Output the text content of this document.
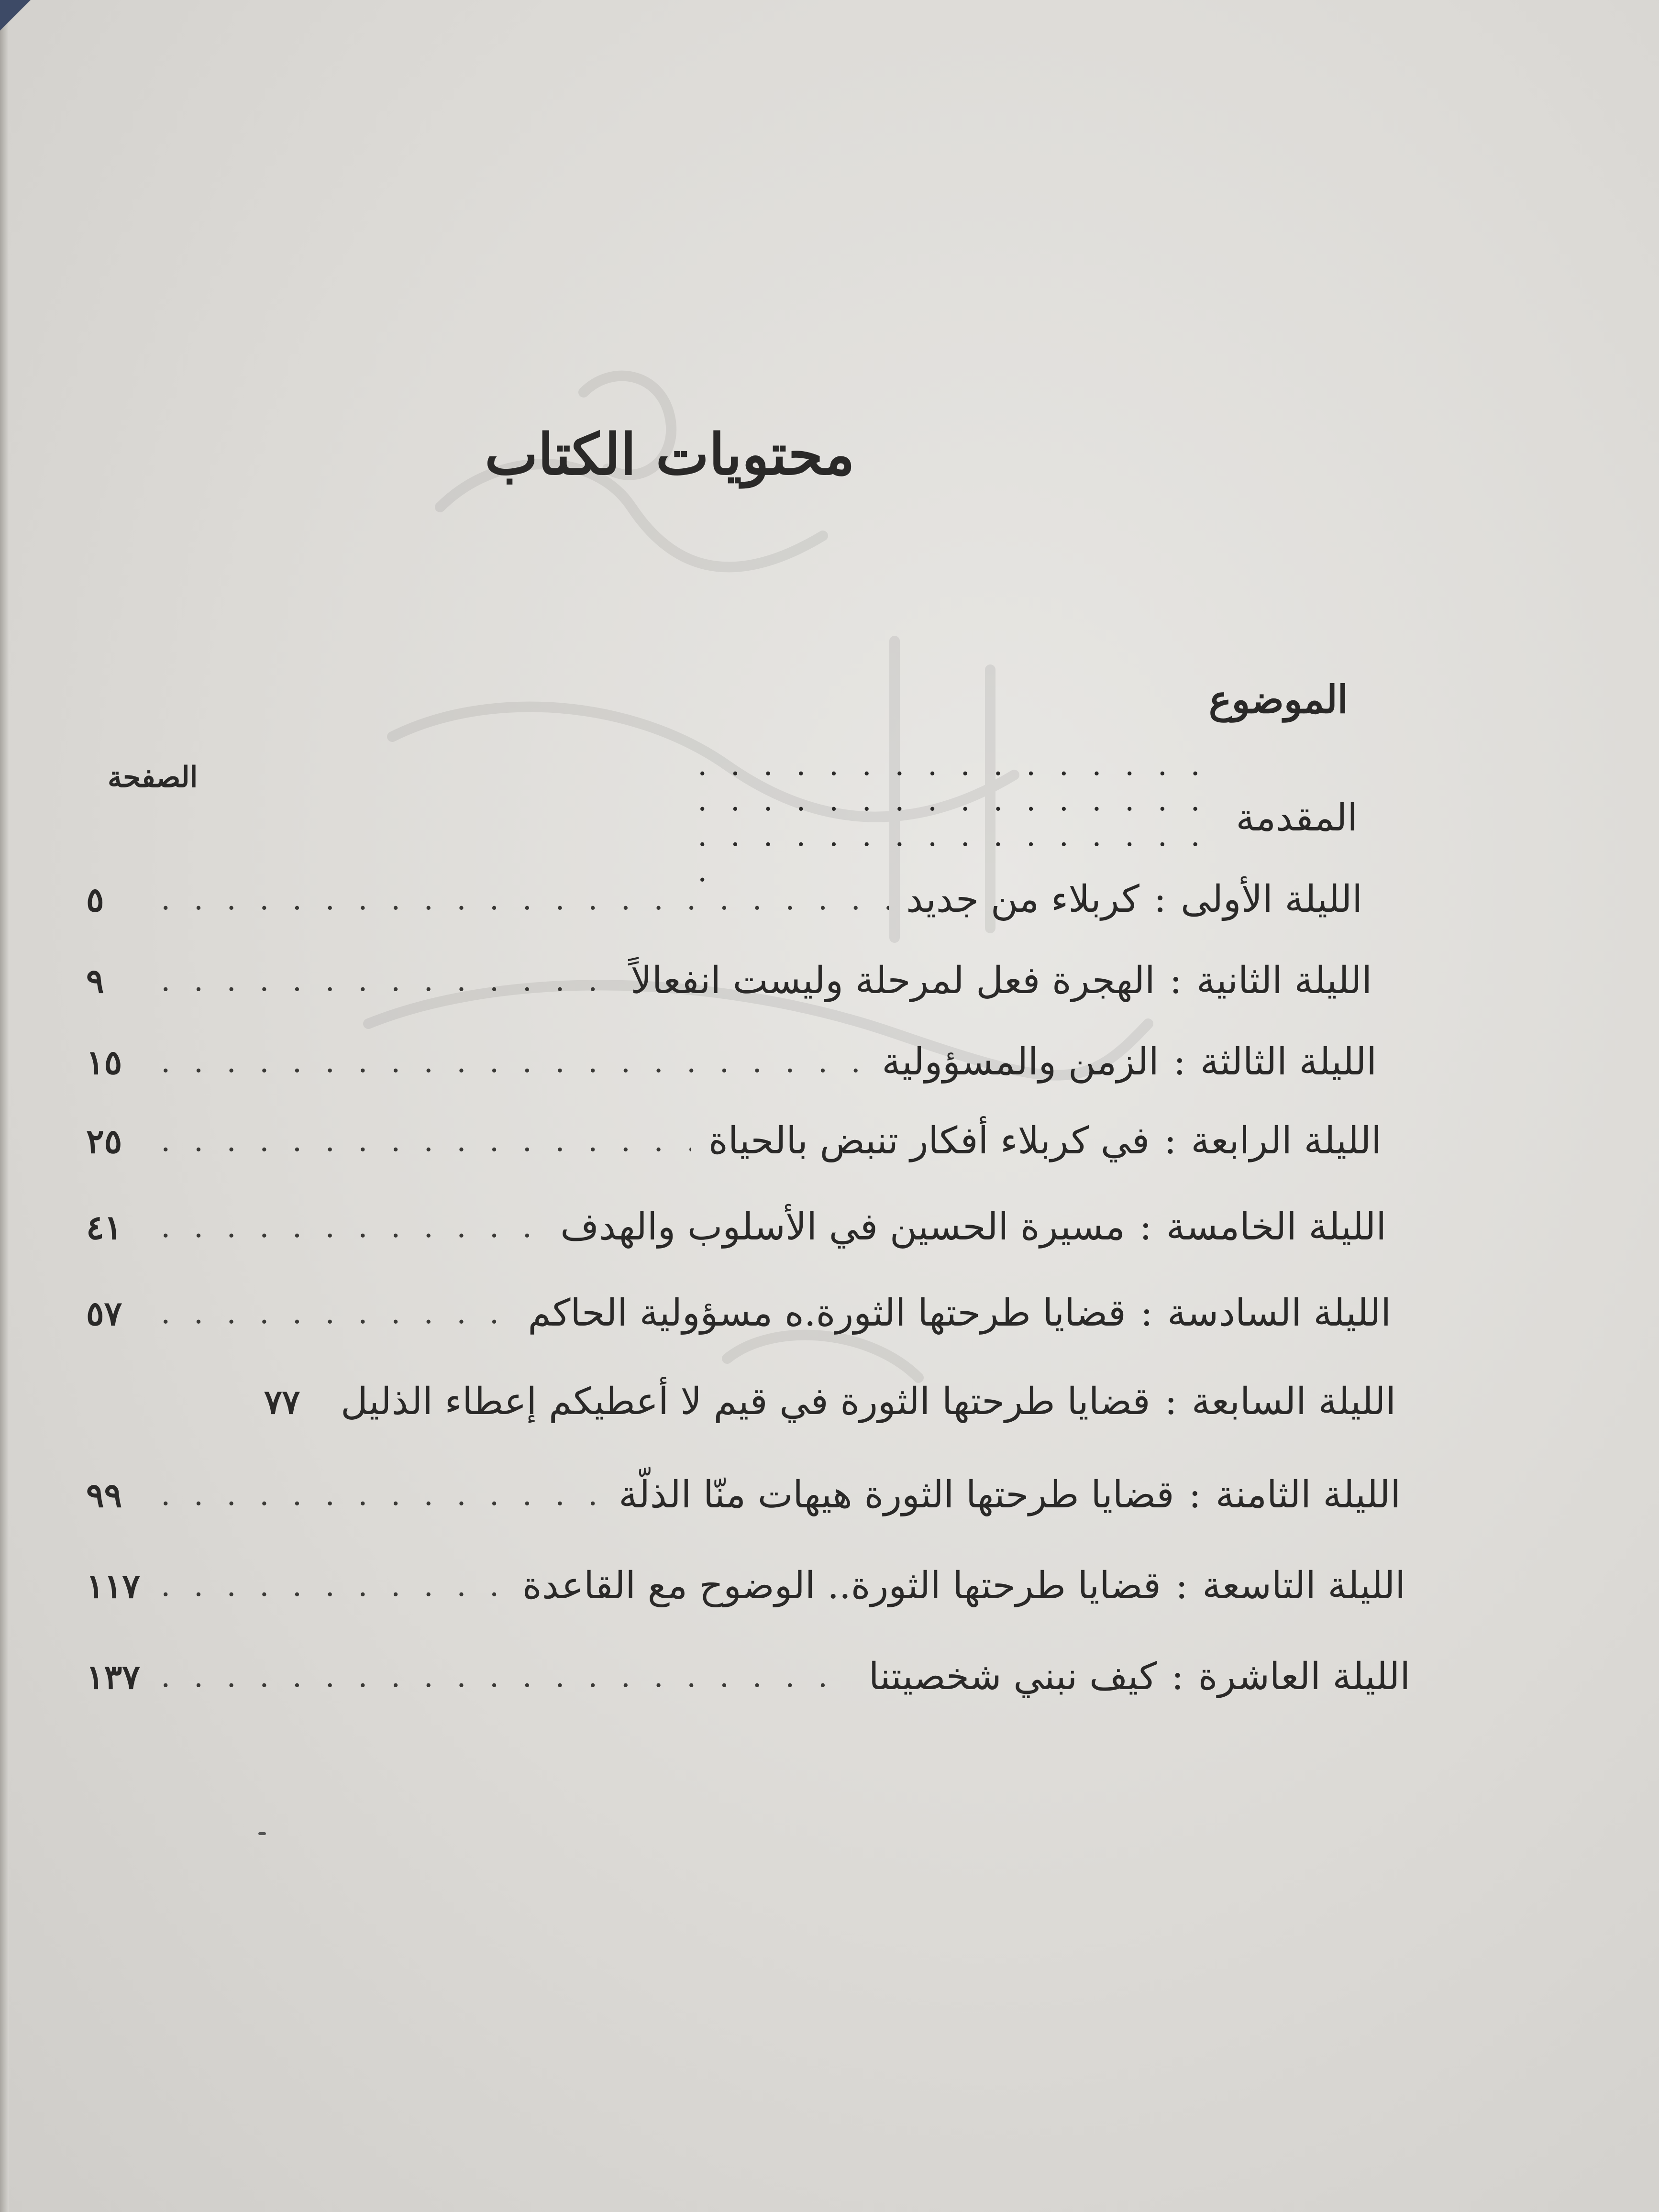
محتويات الكتاب
الموضوع
الصفحة
المقدمة
. . .
الليلة الأولى
:
كربلاء من جديد
. . .
٥
الليلة الثانية
:
الهجرة فعل لمرحلة وليست انفعالاً
. . .
٩
الليلة الثالثة
:
الزمن والمسؤولية
. . .
١٥
الليلة الرابعة
:
في كربلاء أفكار تنبض بالحياة
. . .
٢٥
الليلة الخامسة
:
مسيرة الحسين في الأسلوب والهدف
. . .
٤١
الليلة السادسة
:
قضايا طرحتها الثورة.ه مسؤولية الحاكم
. . .
٥٧
الليلة السابعة
:
قضايا طرحتها الثورة في قيم لا أعطيكم إعطاء الذليل
٧٧
الليلة الثامنة
:
قضايا طرحتها الثورة هيهات منّا الذلّة
. . .
٩٩
الليلة التاسعة
:
قضايا طرحتها الثورة.. الوضوح مع القاعدة
. . .
١١٧
الليلة العاشرة
:
كيف نبني شخصيتنا
. . .
١٣٧
